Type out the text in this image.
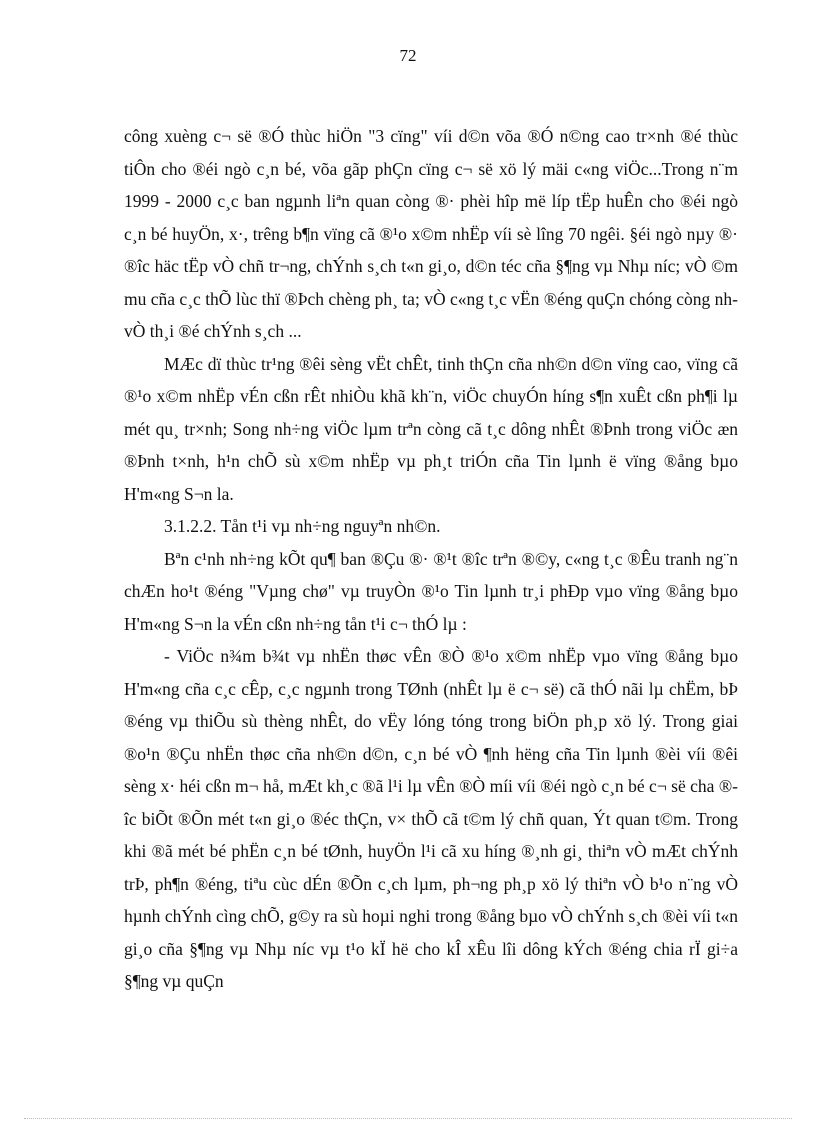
72

công xuèng c¬ së ®Ó thùc hiÖn "3 cïng" víi d©n võa ®Ó n©ng cao tr×nh ®é thùc tiÔn cho ®éi ngò c¸n bé, võa gãp phÇn cïng c¬ së xö lý mäi c«ng viÖc...Trong n¨m 1999 - 2000 c¸c ban ngµnh liªn quan còng ®· phèi hîp më líp tËp huÊn cho ®éi ngò c¸n bé huyÖn, x·, trêng b¶n vïng cã ®¹o x©m nhËp víi sè lîng 70 ngêi. §éi ngò nµy ®· ®îc häc tËp vÒ chñ tr¬ng, chÝnh s¸ch t«n gi¸o, d©n téc cña §¶ng vµ Nhµ níc; vÒ ©m mu cña c¸c thÕ lùc thï ®Þch chèng ph¸ ta; vÒ c«ng t¸c vËn ®éng quÇn chóng còng nh vÒ th¸i ®é chÝnh s¸ch ...

MÆc dï thùc tr¹ng ®êi sèng vËt chÊt, tinh thÇn cña nh©n d©n vïng cao, vïng cã ®¹o x©m nhËp vÉn cßn rÊt nhiÒu khã kh¨n, viÖc chuyÓn híng s¶n xuÊt cßn ph¶i lµ mét qu¸ tr×nh; Song nh÷ng viÖc lµm trªn còng cã t¸c dông nhÊt ®Þnh trong viÖc æn ®Þnh t×nh, h¹n chÕ sù x©m nhËp vµ ph¸t triÓn cña Tin lµnh ë vïng ®ång bµo H'm«ng S¬n la.

3.1.2.2. Tån t¹i vµ nh÷ng nguyªn nh©n.

Bªn c¹nh nh÷ng kÕt qu¶ ban ®Çu ®· ®¹t ®îc trªn ®©y, c«ng t¸c ®Êu tranh ng¨n chÆn ho¹t ®éng "Vµng chø" vµ truyÒn ®¹o Tin lµnh tr¸i phÐp vµo vïng ®ång bµo H'm«ng S¬n la vÉn cßn nh÷ng tån t¹i c¬ thÓ lµ :

- ViÖc n¾m b¾t vµ nhËn thøc vÊn ®Ò ®¹o x©m nhËp vµo vïng ®ång bµo H'm«ng cña c¸c cÊp, c¸c ngµnh trong TØnh (nhÊt lµ ë c¬ së) cã thÓ nãi lµ chËm, bÞ ®éng vµ thiÕu sù thèng nhÊt, do vËy lóng tóng trong biÖn ph¸p xö lý. Trong giai ®o¹n ®Çu nhËn thøc cña nh©n d©n, c¸n bé vÒ ¶nh hëng cña Tin lµnh ®èi víi ®êi sèng x· héi cßn m¬ hå, mÆt kh¸c ®ã l¹i lµ vÊn ®Ò míi víi ®éi ngò c¸n bé c¬ së cha ®îc biÕt ®Õn mét t«n gi¸o ®éc thÇn, v× thÕ cã t©m lý chñ quan, Ýt quan t©m. Trong khi ®ã mét bé phËn c¸n bé tØnh, huyÖn l¹i cã xu híng ®¸nh gi¸ thiªn vÒ mÆt chÝnh trÞ, ph¶n ®éng, tiªu cùc dÉn ®Õn c¸ch lµm, ph¬ng ph¸p xö lý thiªn vÒ b¹o n¨ng vÒ hµnh chÝnh cìng chÕ, g©y ra sù hoµi nghi trong ®ång bµo vÒ chÝnh s¸ch ®èi víi t«n gi¸o cña §¶ng vµ Nhµ níc vµ t¹o kÏ hë cho kÎ xÊu lîi dông kÝch ®éng chia rÏ gi÷a §¶ng vµ quÇn
